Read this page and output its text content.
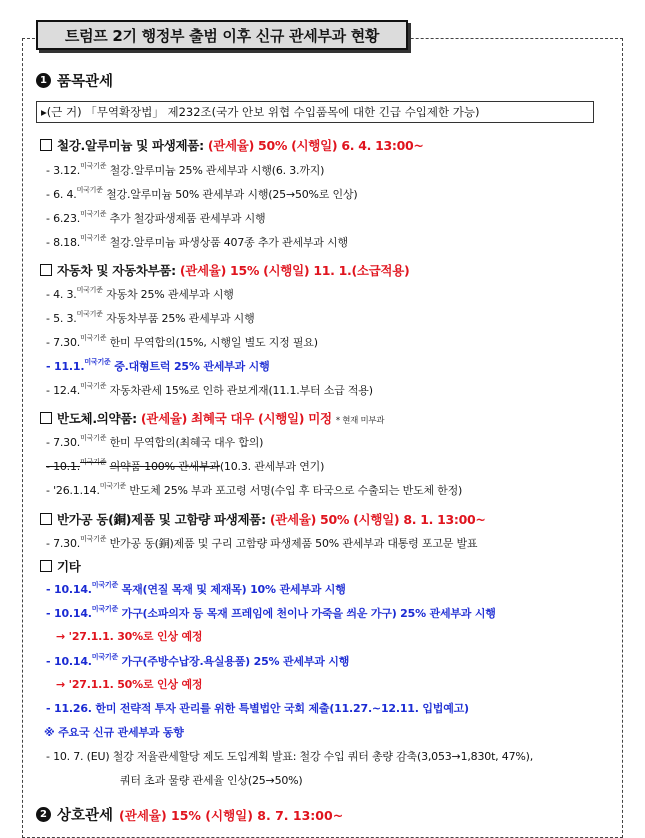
트럼프 2기 행정부 출범 이후 신규 관세부과 현황
1 품목관세
▸(근 거) 「무역확장법」 제232조(국가 안보 위협 수입품목에 대한 긴급 수입제한 가능)
철강.알루미늄 및 파생제품: (관세율) 50% (시행일) 6. 4. 13:00~
- 3.12.$^{미국기준}$ 철강.알루미늄 25% 관세부과 시행(6. 3.까지)
- 6. 4.$^{미국기준}$ 철강.알루미늄 50% 관세부과 시행(25→50%로 인상)
- 6.23.$^{미국기준}$ 추가 철강파생제품 관세부과 시행
- 8.18.$^{미국기준}$ 철강.알루미늄 파생상품 407종 추가 관세부과 시행
자동차 및 자동차부품: (관세율) 15% (시행일) 11. 1.(소급적용)
- 4. 3.$^{미국기준}$ 자동차 25% 관세부과 시행
- 5. 3.$^{미국기준}$ 자동차부품 25% 관세부과 시행
- 7.30.$^{미국기준}$ 한미 무역합의(15%, 시행일 별도 지정 필요)
- 11.1.$^{미국기준}$ 중.대형트럭 25% 관세부과 시행
- 12.4.$^{미국기준}$ 자동차관세 15%로 인하 관보게재(11.1.부터 소급 적용)
반도체.의약품: (관세율) 최혜국 대우 (시행일) 미정 * 현재 미부과
- 7.30.$^{미국기준}$ 한미 무역합의(최혜국 대우 합의)
- 10.1.$^{미국기준}$ 의약품 100% 관세부과(10.3. 관세부과 연기)
- '26.1.14.$^{미국기준}$ 반도체 25% 부과 포고령 서명(수입 후 타국으로 수출되는 반도체 한정)
반가공 동(銅)제품 및 고함량 파생제품: (관세율) 50% (시행일) 8. 1. 13:00~
- 7.30.$^{미국기준}$ 반가공 동(銅)제품 및 구리 고함량 파생제품 50% 관세부과 대통령 포고문 발표
기타
- 10.14.$^{미국기준}$ 목재(연질 목재 및 제재목) 10% 관세부과 시행
- 10.14.$^{미국기준}$ 가구(소파의자 등 목재 프레임에 천이나 가죽을 씌운 가구) 25% 관세부과 시행
→ '27.1.1. 30%로 인상 예정
- 10.14.$^{미국기준}$ 가구(주방수납장.욕실용품) 25% 관세부과 시행
→ '27.1.1. 50%로 인상 예정
- 11.26. 한미 전략적 투자 관리를 위한 특별법안 국회 제출(11.27.~12.11. 입법예고)
※ 주요국 신규 관세부과 동향
- 10. 7. (EU) 철강 저율관세할당 제도 도입계획 발표: 철강 수입 쿼터 총량 감축(3,053→1,830t, 47%),
쿼터 초과 물량 관세율 인상(25→50%)
2 상호관세 (관세율) 15% (시행일) 8. 7. 13:00~
